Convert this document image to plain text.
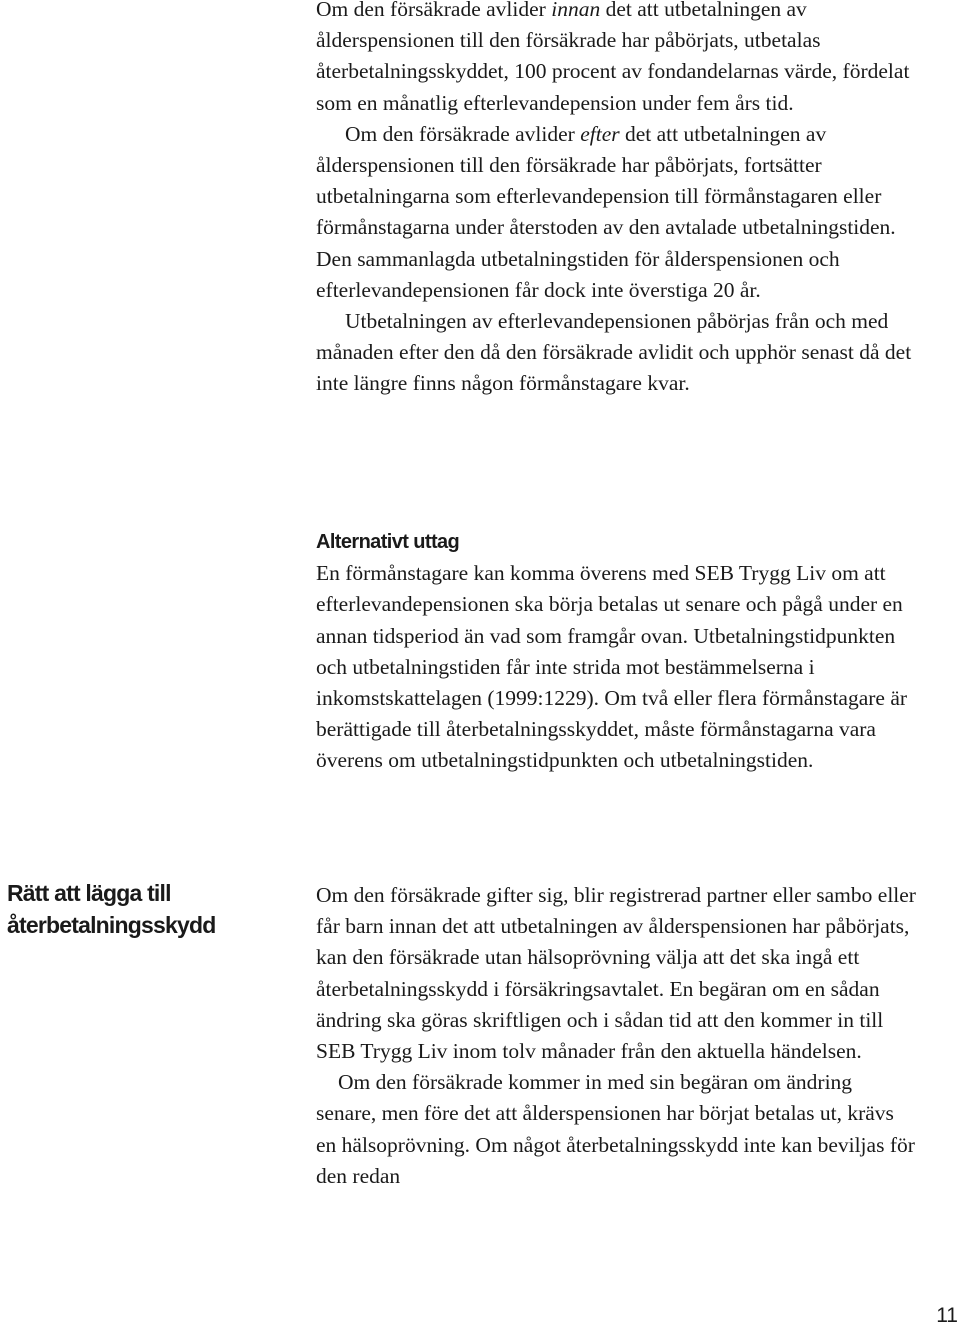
Om den försäkrade avlider innan det att utbetalningen av ålderspensionen till den försäkrade har påbörjats, utbetalas återbetalningsskyddet, 100 procent av fondandelarnas värde, fördelat som en månatlig efterlevandepension under fem års tid.

Om den försäkrade avlider efter det att utbetalningen av ålderspensionen till den försäkrade har påbörjats, fortsätter utbetalningarna som efterlevandepension till förmånstagaren eller förmånstagarna under återstoden av den avtalade utbetalningstiden. Den sammanlagda utbetalningstiden för ålderspensionen och efterlevandepensionen får dock inte överstiga 20 år.

Utbetalningen av efterlevandepensionen påbörjas från och med månaden efter den då den försäkrade avlidit och upphör senast då det inte längre finns någon förmånstagare kvar.

Alternativt uttag

En förmånstagare kan komma överens med SEB Trygg Liv om att efterlevandepensionen ska börja betalas ut senare och pågå under en annan tidsperiod än vad som framgår ovan. Utbetalningstidpunkten och utbetalningstiden får inte strida mot bestämmelserna i inkomstskattelagen (1999:1229). Om två eller flera förmånstagare är berättigade till återbetalningsskyddet, måste förmånstagarna vara överens om utbetalningstidpunkten och utbetalningstiden.

Rätt att lägga till
återbetalningsskydd

Om den försäkrade gifter sig, blir registrerad partner eller sambo eller får barn innan det att utbetalningen av ålderspensionen har påbörjats, kan den försäkrade utan hälsoprövning välja att det ska ingå ett återbetalningsskydd i försäkringsavtalet. En begäran om en sådan ändring ska göras skriftligen och i sådan tid att den kommer in till SEB Trygg Liv inom tolv månader från den aktuella händelsen.

Om den försäkrade kommer in med sin begäran om ändring senare, men före det att ålderspensionen har börjat betalas ut, krävs en hälsoprövning. Om något återbetalningsskydd inte kan beviljas för den redan

11
